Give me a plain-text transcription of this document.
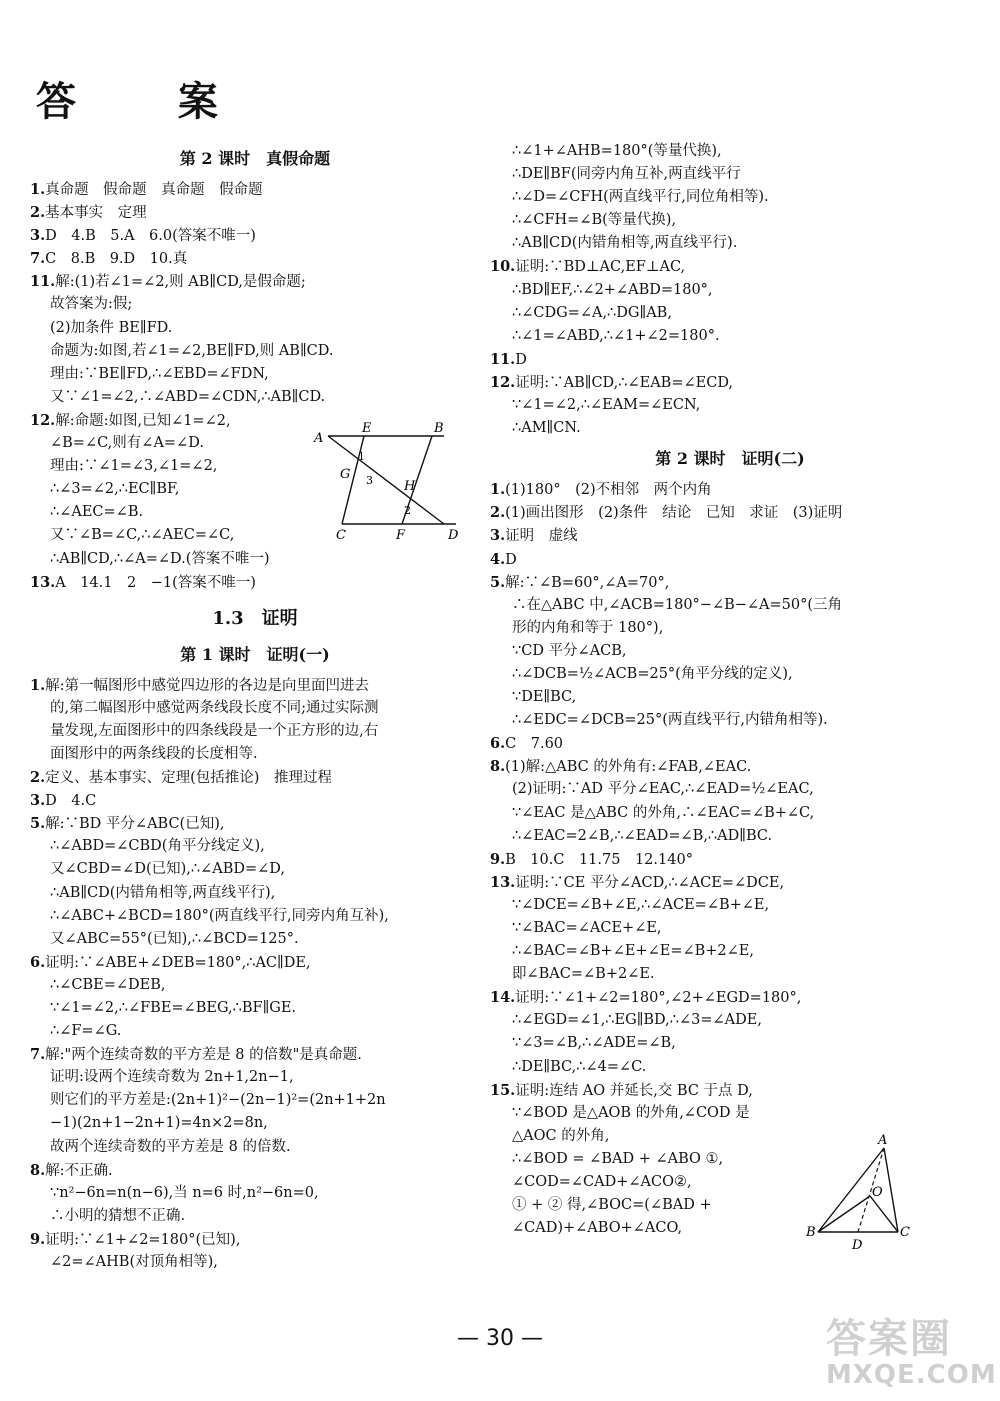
答 案
第 2 课时　真假命题
1.真命题　假命题　真命题　假命题
2.基本事实　定理
3.D　4.B　5.A　6.0(答案不唯一)
7.C　8.B　9.D　10.真
11.解:(1)若∠1=∠2,则 AB∥CD,是假命题;
故答案为:假;
(2)加条件 BE∥FD.
命题为:如图,若∠1=∠2,BE∥FD,则 AB∥CD.
理由:∵BE∥FD,∴∠EBD=∠FDN,
又∵∠1=∠2,∴∠ABD=∠CDN,∴AB∥CD.
12.解:命题:如图,已知∠1=∠2,
∠B=∠C,则有∠A=∠D.
理由:∵∠1=∠3,∠1=∠2,
∴∠3=∠2,∴EC∥BF,
∴∠AEC=∠B.
又∵∠B=∠C,∴∠AEC=∠C,
∴AB∥CD,∴∠A=∠D.(答案不唯一)
13.A　14.1　2　−1(答案不唯一)
1.3　证明
第 1 课时　证明(一)
1.解:第一幅图形中感觉四边形的各边是向里面凹进去
的,第二幅图形中感觉两条线段长度不同;通过实际测
量发现,左面图形中的四条线段是一个正方形的边,右
面图形中的两条线段的长度相等.
2.定义、基本事实、定理(包括推论)　推理过程
3.D　4.C
5.解:∵BD 平分∠ABC(已知),
∴∠ABD=∠CBD(角平分线定义),
又∠CBD=∠D(已知),∴∠ABD=∠D,
∴AB∥CD(内错角相等,两直线平行),
∴∠ABC+∠BCD=180°(两直线平行,同旁内角互补),
又∠ABC=55°(已知),∴∠BCD=125°.
6.证明:∵∠ABE+∠DEB=180°,∴AC∥DE,
∴∠CBE=∠DEB,
∵∠1=∠2,∴∠FBE=∠BEG,∴BF∥GE.
∴∠F=∠G.
7.解:"两个连续奇数的平方差是 8 的倍数"是真命题.
证明:设两个连续奇数为 2n+1,2n−1,
则它们的平方差是:(2n+1)²−(2n−1)²=(2n+1+2n
−1)(2n+1−2n+1)=4n×2=8n,
故两个连续奇数的平方差是 8 的倍数.
8.解:不正确.
∵n²−6n=n(n−6),当 n=6 时,n²−6n=0,
∴小明的猜想不正确.
9.证明:∵∠1+∠2=180°(已知),
∠2=∠AHB(对顶角相等),
∴∠1+∠AHB=180°(等量代换),
∴DE∥BF(同旁内角互补,两直线平行
∴∠D=∠CFH(两直线平行,同位角相等).
∴∠CFH=∠B(等量代换),
∴AB∥CD(内错角相等,两直线平行).
10.证明:∵BD⊥AC,EF⊥AC,
∴BD∥EF,∴∠2+∠ABD=180°,
∴∠CDG=∠A,∴DG∥AB,
∴∠1=∠ABD,∴∠1+∠2=180°.
11.D
12.证明:∵AB∥CD,∴∠EAB=∠ECD,
∵∠1=∠2,∴∠EAM=∠ECN,
∴AM∥CN.
第 2 课时　证明(二)
1.(1)180°　(2)不相邻　两个内角
2.(1)画出图形　(2)条件　结论　已知　求证　(3)证明
3.证明　虚线
4.D
5.解:∵∠B=60°,∠A=70°,
∴在△ABC 中,∠ACB=180°−∠B−∠A=50°(三角
形的内角和等于 180°),
∵CD 平分∠ACB,
∴∠DCB=½∠ACB=25°(角平分线的定义),
∵DE∥BC,
∴∠EDC=∠DCB=25°(两直线平行,内错角相等).
6.C　7.60
8.(1)解:△ABC 的外角有:∠FAB,∠EAC.
(2)证明:∵AD 平分∠EAC,∴∠EAD=½∠EAC,
∵∠EAC 是△ABC 的外角,∴∠EAC=∠B+∠C,
∴∠EAC=2∠B,∴∠EAD=∠B,∴AD∥BC.
9.B　10.C　11.75　12.140°
13.证明:∵CE 平分∠ACD,∴∠ACE=∠DCE,
∵∠DCE=∠B+∠E,∴∠ACE=∠B+∠E,
∵∠BAC=∠ACE+∠E,
∴∠BAC=∠B+∠E+∠E=∠B+2∠E,
即∠BAC=∠B+2∠E.
14.证明:∵∠1+∠2=180°,∠2+∠EGD=180°,
∴∠EGD=∠1,∴EG∥BD,∴∠3=∠ADE,
∵∠3=∠B,∴∠ADE=∠B,
∴DE∥BC,∴∠4=∠C.
15.证明:连结 AO 并延长,交 BC 于点 D,
∵∠BOD 是△AOB 的外角,∠COD 是
△AOC 的外角,
∴∠BOD = ∠BAD + ∠ABO ①,
∠COD=∠CAD+∠ACO②,
① + ② 得,∠BOC=(∠BAD +
∠CAD)+∠ABO+∠ACO,
A
E	B
G
1
3 H
2
C	F	D
A
O
B
D
C
— 30 —	答案圈
MXQE.COM
